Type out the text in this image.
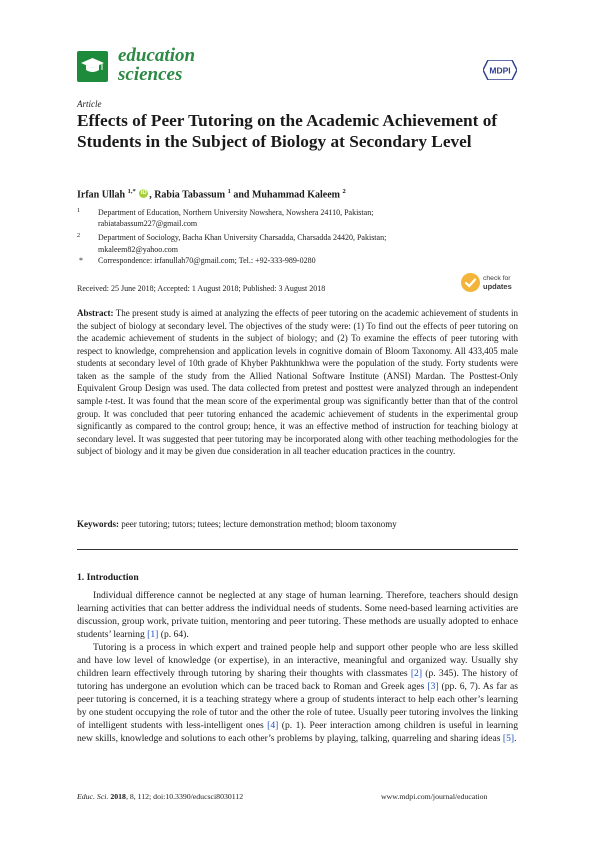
education
sciences	MDPI
Article
Effects of Peer Tutoring on the Academic Achievement of Students in the Subject of Biology at Secondary Level
Irfan Ullah $^{1,*}$ iD , Rabia Tabassum $^1$ and Muhammad Kaleem $^2$
1 Department of Education, Northern University Nowshera, Nowshera 24110, Pakistan;
rabiatabassum227@gmail.com
2 Department of Sociology, Bacha Khan University Charsadda, Charsadda 24420, Pakistan;
mkaleem82@yahoo.com
* Correspondence: irfanullah70@gmail.com; Tel.: +92-333-989-0280
check for
updates
Received: 25 June 2018; Accepted: 1 August 2018; Published: 3 August 2018
Abstract: The present study is aimed at analyzing the effects of peer tutoring on the academic achievement of students in the subject of biology at secondary level. The objectives of the study were: (1) To find out the effects of peer tutoring on the academic achievement of students in the subject of biology; and (2) To examine the effects of peer tutoring with respect to knowledge, comprehension and application levels in cognitive domain of Bloom Taxonomy. All 433,405 male students at secondary level of 10th grade of Khyber Pakhtunkhwa were the population of the study. Forty students were taken as the sample of the study from the Allied National Software Institute (ANSI) Mardan. The Posttest-Only Equivalent Group Design was used. The data collected from pretest and posttest were analyzed through an independent sample t-test. It was found that the mean score of the experimental group was significantly better than that of the control group. It was concluded that peer tutoring enhanced the academic achievement of students in the experimental group significantly as compared to the control group; hence, it was an effective method of instruction for teaching biology at secondary level. It was suggested that peer tutoring may be incorporated along with other teaching methodologies for the subject of biology and it may be given due consideration in all teacher education practices in the country.
Keywords: peer tutoring; tutors; tutees; lecture demonstration method; bloom taxonomy
1. Introduction

Individual difference cannot be neglected at any stage of human learning. Therefore, teachers should design learning activities that can better address the individual needs of students. Some need-based learning activities are discussion, group work, private tuition, mentoring and peer tutoring. These methods are usually adopted to enhace students’ learning [1] (p. 64).

Tutoring is a process in which expert and trained people help and support other people who are less skilled and have low level of knowledge (or expertise), in an interactive, meaningful and organized way. Usually shy children learn effectively through tutoring by sharing their thoughts with classmates [2] (p. 345). The history of tutoring has undergone an evolution which can be traced back to Roman and Greek ages [3] (pp. 6, 7). As far as peer tutoring is concerned, it is a teaching strategy where a group of students interact to help each other’s learning by one student occupying the role of tutor and the other the role of tutee. Usually peer tutoring involves the linking of intelligent students with less-intelligent ones [4] (p. 1). Peer interaction among children is useful in learning new skills, knowledge and solutions to each other’s problems by playing, talking, quarreling and sharing ideas [5].

Educ. Sci. 2018, 8, 112; doi:10.3390/educsci8030112	www.mdpi.com/journal/education
